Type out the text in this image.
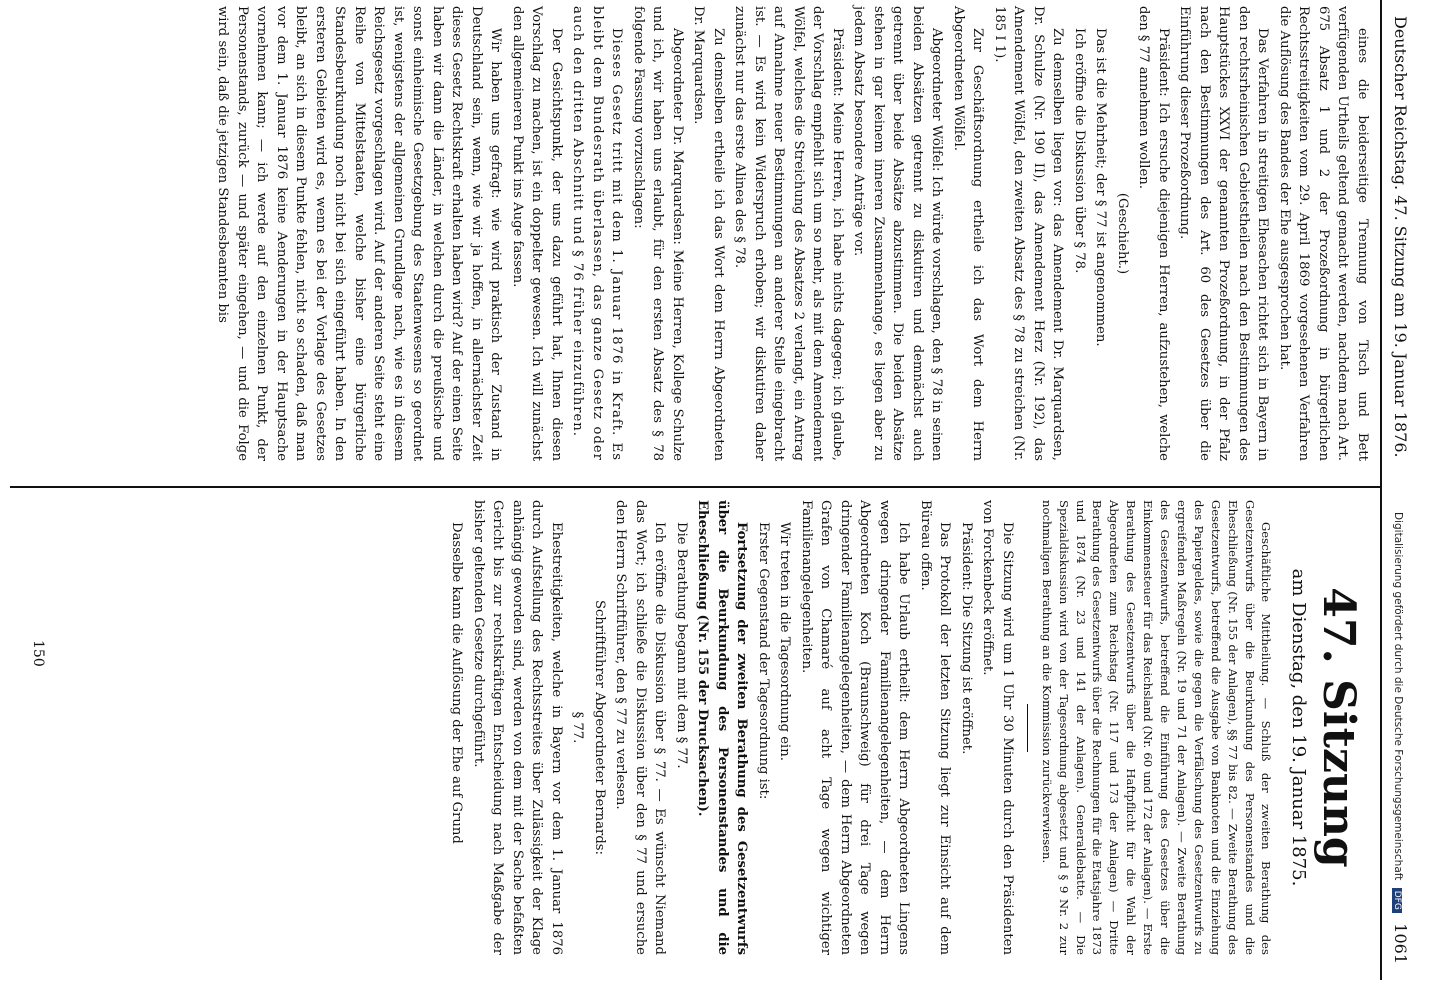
Deutscher Reichstag. 47. Sitzung am 19. Januar 1876.
1061

eines die beiderseitige Trennung von Tisch und Bett verfügenden Urtheils geltend gemacht werden, nachdem nach Art. 675 Absatz 1 und 2 der Prozeßordnung in bürgerlichen Rechtsstreitigkeiten vom 29. April 1869 vorgesehenen Verfahren die Auflösung des Bandes der Ehe ausgesprochen hat.

Das Verfahren in streitigen Ehesachen richtet sich in Bayern in den rechtsrheinischen Gebietstheilen nach den Bestimmungen des Hauptstückes XXVI der genannten Prozeßordnung, in der Pfalz nach den Bestimmungen des Art. 60 des Gesetzes über die Einführung dieser Prozeßordnung.

Präsident: Ich ersuche diejenigen Herren, aufzustehen, welche den § 77 annehmen wollen.

(Geschieht.)

Das ist die Mehrheit; der § 77 ist angenommen.

Ich eröffne die Diskussion über § 78.

Zu demselben liegen vor: das Amendement Dr. Marquardsen, Dr. Schulze (Nr. 190 II), das Amendement Herz (Nr. 192), das Amendement Wölfel, den zweiten Absatz des § 78 zu streichen (Nr. 185 I 1).

Zur Geschäftsordnung ertheile ich das Wort dem Herrn Abgeordneten Wölfel.

Abgeordneter Wölfel: Ich würde vorschlagen, den § 78 in seinen beiden Absätzen getrennt zu diskutiren und demnächst auch getrennt über beide Absätze abzustimmen. Die beiden Absätze stehen in gar keinem inneren Zusammenhange, es liegen aber zu jedem Absatz besondere Anträge vor.

Präsident: Meine Herren, ich habe nichts dagegen; ich glaube, der Vorschlag empfiehlt sich um so mehr, als mit dem Amendement Wölfel, welches die Streichung des Absatzes 2 verlangt, ein Antrag auf Annahme neuer Bestimmungen an anderer Stelle eingebracht ist. — Es wird kein Widerspruch erhoben; wir diskutiren daher zunächst nur das erste Alinea des § 78.

Zu demselben ertheile ich das Wort dem Herrn Abgeordneten Dr. Marquardsen.

Abgeordneter Dr. Marquardsen: Meine Herren, Kollege Schulze und ich, wir haben uns erlaubt, für den ersten Absatz des § 78 folgende Fassung vorzuschlagen:

Dieses Gesetz tritt mit dem 1. Januar 1876 in Kraft. Es bleibt dem Bundesrath überlassen, das ganze Gesetz oder auch den dritten Abschnitt und § 76 früher einzuführen.

Der Gesichtspunkt, der uns dazu geführt hat, Ihnen diesen Vorschlag zu machen, ist ein doppelter gewesen. Ich will zunächst den allgemeineren Punkt ins Auge fassen.

Wir haben uns gefragt: wie wird praktisch der Zustand in Deutschland sein, wenn, wie wir ja hoffen, in allernächster Zeit dieses Gesetz Rechtskraft erhalten haben wird? Auf der einen Seite haben wir dann die Länder, in welchen durch die preußische und sonst einheimische Gesetzgebung des Staatenwesens so geordnet ist, wenigstens der allgemeinen Grundlage nach, wie es in diesem Reichsgesetz vorgeschlagen wird. Auf der anderen Seite steht eine Reihe von Mittelstaaten, welche bisher eine bürgerliche Standesbeurkundung noch nicht bei sich eingeführt haben. In den ersteren Gebieten wird es, wenn es bei der Vorlage des Gesetzes bleibt, an sich in diesem Punkte fehlen, nicht so schaden, daß man vor dem 1. Januar 1876 keine Aenderungen in der Hauptsache vornehmen kann; — ich werde auf den einzelnen Punkt, der Personenstands, zurück — und später eingehen, — und die Folge wird sein, daß die jetzigen Standesbeamten bis

47. Sitzung
am Dienstag, den 19. Januar 1875.

Geschäftliche Mittheilung. — Schluß der zweiten Berathung des Gesetzentwurfs über die Beurkundung des Personenstandes und die Eheschließung (Nr. 155 der Anlagen), §§ 77 bis 82. — Zweite Berathung des Gesetzentwurfs, betreffend die Ausgabe von Banknoten und die Einziehung des Papiergeldes, sowie die gegen die Verfälschung des Gesetzentwurfs zu ergreifenden Maßregeln (Nr. 19 und 71 der Anlagen). — Zweite Berathung des Gesetzentwurfs, betreffend die Einführung des Gesetzes über die Einkommensteuer für das Reichsland (Nr. 60 und 172 der Anlagen). — Erste Berathung des Gesetzentwurfs über die Haftpflicht für die Wahl der Abgeordneten zum Reichstag (Nr. 117 und 173 der Anlagen) — Dritte Berathung des Gesetzentwurfs über die Rechnungen für die Etatsjahre 1873 und 1874 (Nr. 23 und 141 der Anlagen). Generaldebatte. — Die Spezialdiskussion wird von der Tagesordnung abgesetzt und § 9 Nr. 2 zur nochmaligen Berathung an die Kommission zurückverwiesen.

Die Sitzung wird um 1 Uhr 30 Minuten durch den Präsidenten von Forckenbeck eröffnet.

Präsident: Die Sitzung ist eröffnet.

Das Protokoll der letzten Sitzung liegt zur Einsicht auf dem Büreau offen.

Ich habe Urlaub ertheilt: dem Herrn Abgeordneten Lingens wegen dringender Familienangelegenheiten, — dem Herrn Abgeordneten Koch (Braunschweig) für drei Tage wegen dringender Familienangelegenheiten, — dem Herrn Abgeordneten Grafen von Chamaré auf acht Tage wegen wichtiger Familienangelegenheiten.

Wir treten in die Tagesordnung ein.

Erster Gegenstand der Tagesordnung ist:

Fortsetzung der zweiten Berathung des Gesetzentwurfs über die Beurkundung des Personenstandes und die Eheschließung (Nr. 155 der Drucksachen).

Die Berathung begann mit dem § 77.

Ich eröffne die Diskussion über § 77. — Es wünscht Niemand das Wort; ich schließe die Diskussion über den § 77 und ersuche den Herrn Schriftführer, den § 77 zu verlesen.

Schriftführer Abgeordneter Bernards:

§ 77.

Ehestreitigkeiten, welche in Bayern vor dem 1. Januar 1876 durch Aufstellung des Rechtsstreites über Zulässigkeit der Klage anhängig geworden sind, werden von dem mit der Sache befaßten Gericht bis zur rechtskräftigen Entscheidung nach Maßgabe der bisher geltenden Gesetze durchgeführt.

Dasselbe kann die Auflösung der Ehe auf Grund

150	Digitalisierung gefördert durch die Deutsche Forschungsgemeinschaft DFG
